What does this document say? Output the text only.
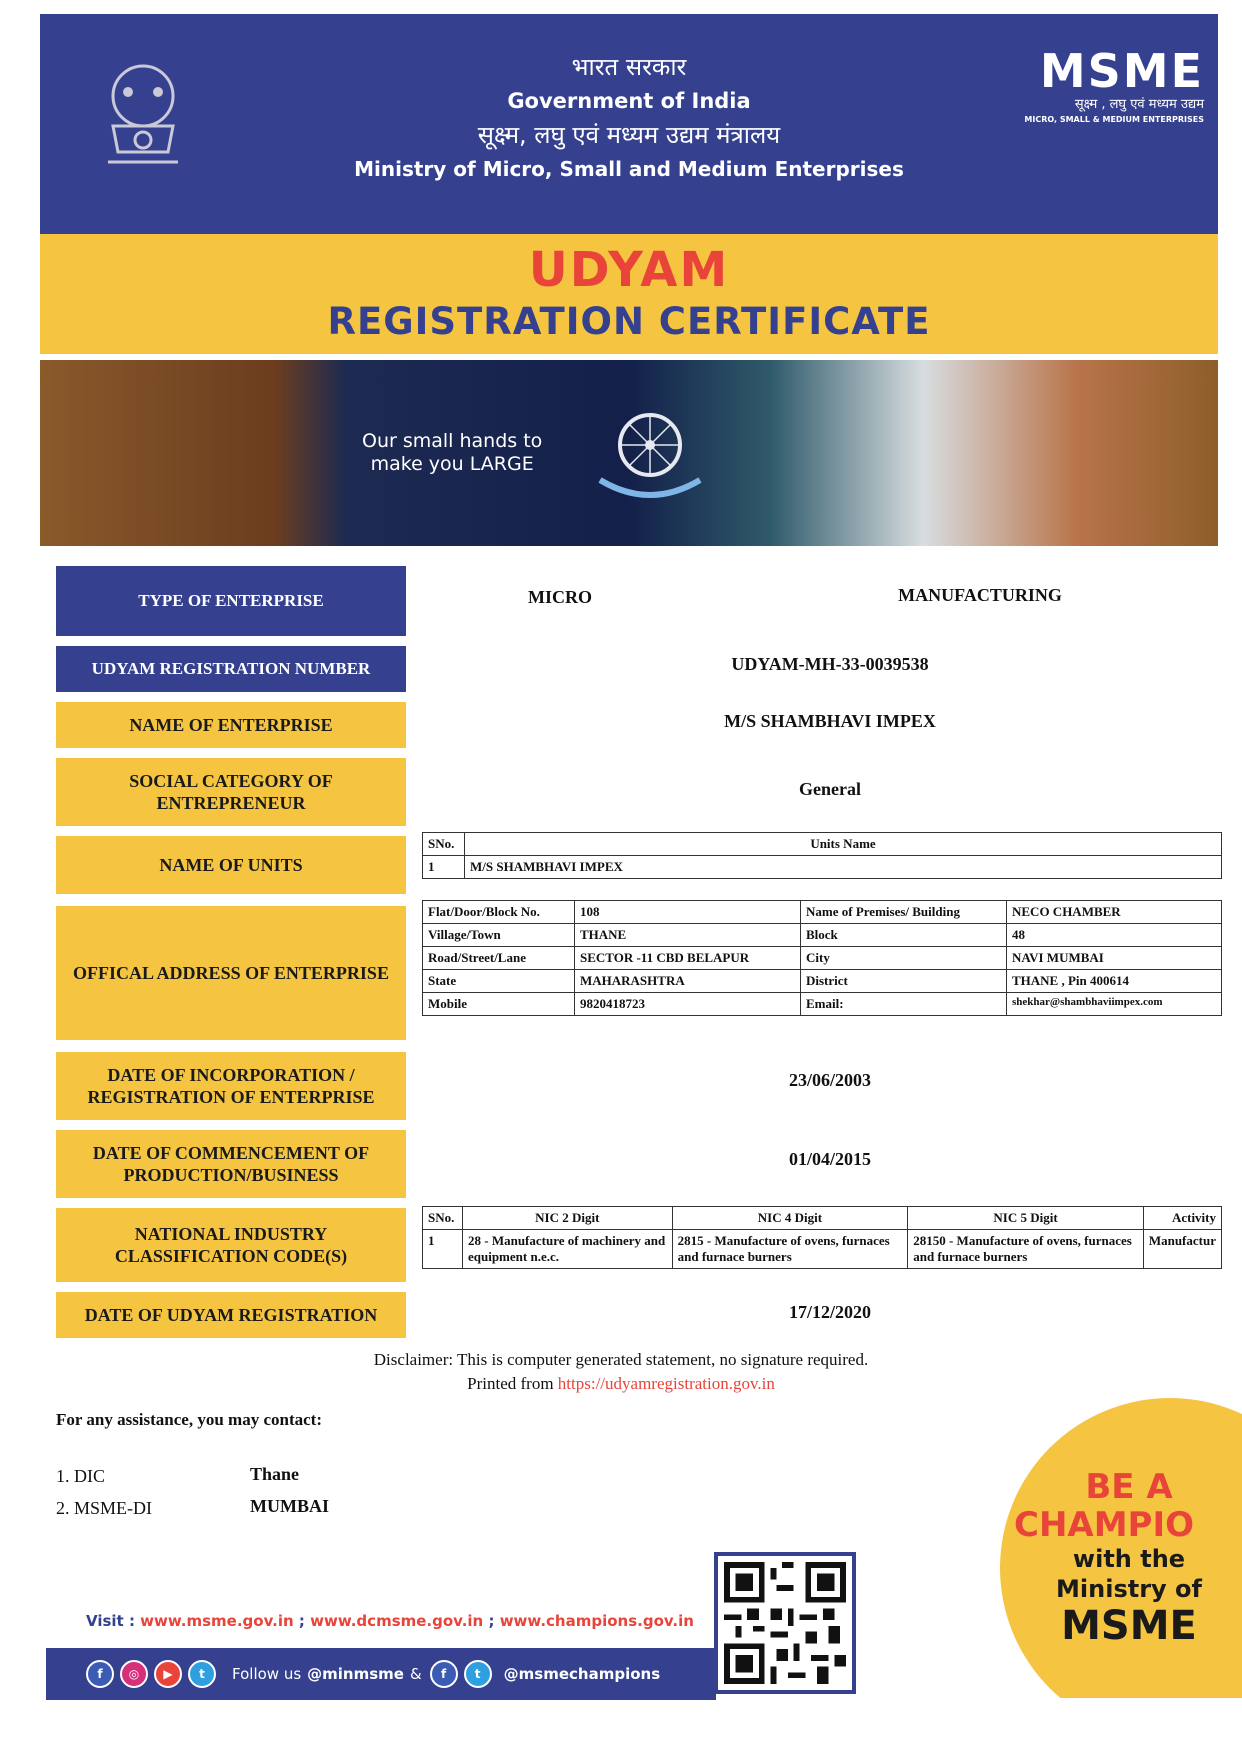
भारत सरकार
Government of India
सूक्ष्म, लघु एवं मध्यम उद्यम मंत्रालय
Ministry of Micro, Small and Medium Enterprises
MSME
सूक्ष्म , लघु एवं मध्यम उद्यम
MICRO, SMALL & MEDIUM ENTERPRISES
UDYAM
REGISTRATION CERTIFICATE
Our small hands to
make you LARGE
TYPE OF ENTERPRISE	MICRO	MANUFACTURING
UDYAM REGISTRATION NUMBER	UDYAM-MH-33-0039538
NAME OF ENTERPRISE	M/S SHAMBHAVI IMPEX
SOCIAL CATEGORY OF ENTREPRENEUR
General
NAME OF UNITS
SNo.	Units Name
1	M/S SHAMBHAVI IMPEX
OFFICAL ADDRESS OF ENTERPRISE
Flat/Door/Block No.	108	Name of Premises/ Building	NECO CHAMBER
Village/Town	THANE	Block	48
Road/Street/Lane	SECTOR -11 CBD BELAPUR	City	NAVI MUMBAI
State	MAHARASHTRA	District	THANE , Pin 400614
Mobile	9820418723	Email:	shekhar@shambhaviimpex.com
DATE OF INCORPORATION / REGISTRATION OF ENTERPRISE
23/06/2003
DATE OF COMMENCEMENT OF PRODUCTION/BUSINESS
01/04/2015
NATIONAL INDUSTRY CLASSIFICATION CODE(S)
SNo.	NIC 2 Digit	NIC 4 Digit	NIC 5 Digit	Activity
1	28 - Manufacture of machinery and equipment n.e.c.	2815 - Manufacture of ovens, furnaces and furnace burners	28150 - Manufacture of ovens, furnaces and furnace burners	Manufactur
DATE OF UDYAM REGISTRATION	17/12/2020
Disclaimer: This is computer generated statement, no signature required.
Printed from https://udyamregistration.gov.in
For any assistance, you may contact:
1. DIC	Thane
2. MSME-DI	MUMBAI
Visit : www.msme.gov.in ; www.dcmsme.gov.in ; www.champions.gov.in
f	◎	▶	t	Follow us @minmsme &	f	t	@msmechampions
BE A
CHAMPIO
with the
Ministry of
MSME
